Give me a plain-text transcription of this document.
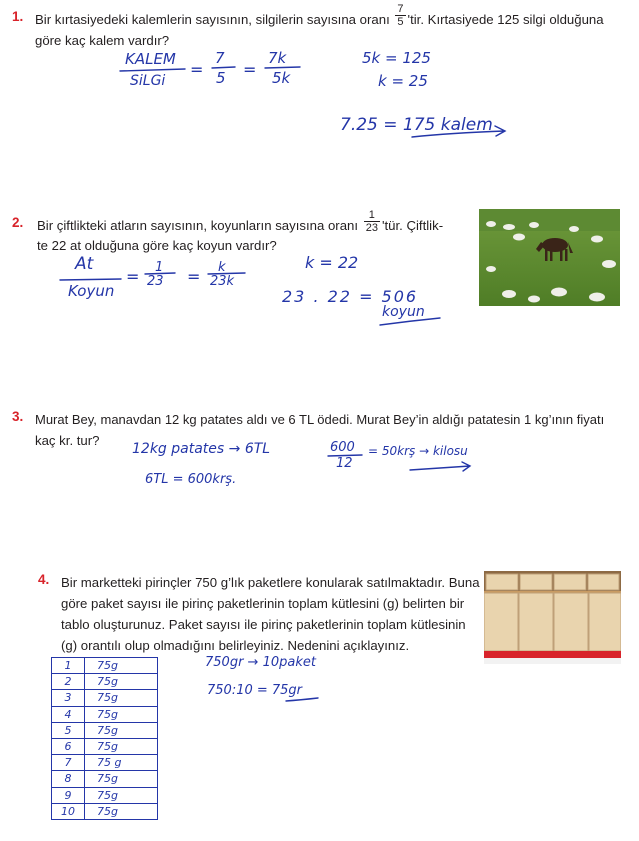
1. Bir kırtasiyedeki kalemlerin sayısının, silgilerin sayısına oranı $\frac{7}{5}$ 'tir. Kırtasiyede 125 silgi olduğuna
göre kaç kalem vardır?
KALEM
SiLGi
=
7
5 =
7k
5k
5k = 125
k = 25
7.25 = 175 kalem
2. Bir çiftlikteki atların sayısının, koyunların sayısına oranı $\frac{1}{23}$ 'tür. Çiftlik-
te 22 at olduğuna göre kaç koyun vardır?
At
Koyun
= 1
23 = k
23k
k = 22
23 . 22 = 506
koyun
3. Murat Bey, manavdan 12 kg patates aldı ve 6 TL ödedi. Murat Bey’in aldığı patatesin 1 kg’ının fiyatı
kaç kr. tur?
12kg patates → 6TL	600
12
= 50krş → kilosu
6TL = 600krş.
4. Bir marketteki pirinçler 750 g’lık paketlere konularak satılmaktadır. Buna
göre paket sayısı ile pirinç paketlerinin toplam kütlesini (g) belirten bir
tablo oluşturunuz. Paket sayısı ile pirinç paketlerinin toplam kütlesinin
(g) orantılı olup olmadığını belirleyiniz. Nedenini açıklayınız.
1	75g
2	75g
3	75g
4	75g
5	75g
6	75g
7	75 g
8	75g
9	75g
10	75g
750gr → 10paket
750:10 = 75gr
